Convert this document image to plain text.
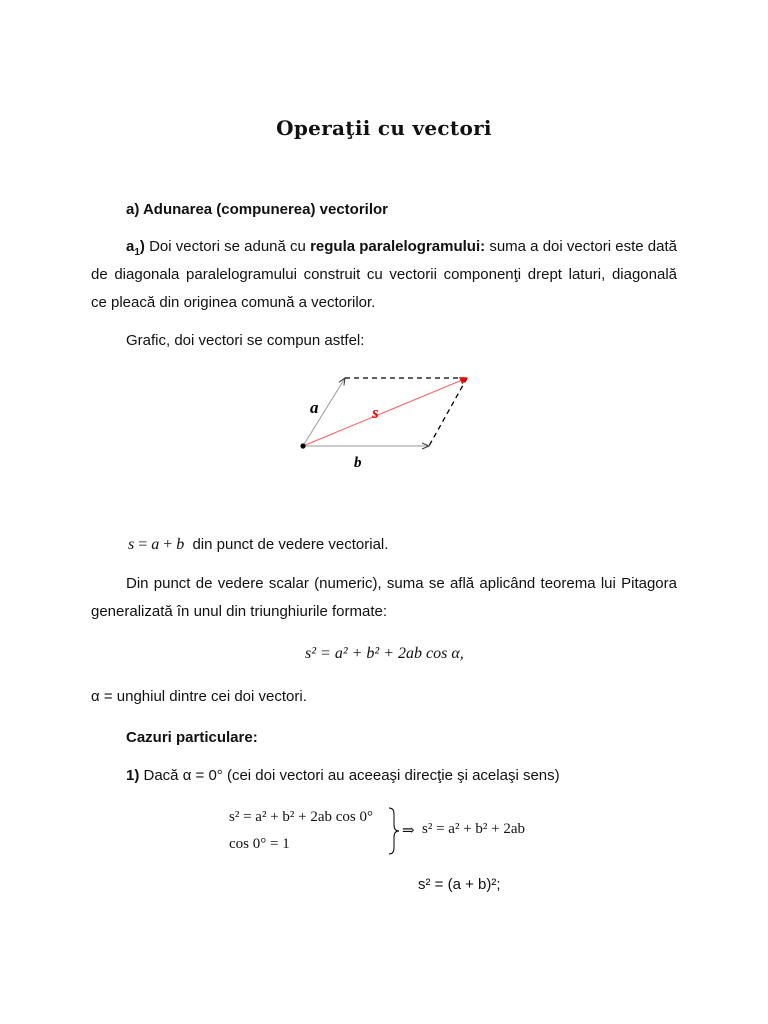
Operaţii cu vectori
a) Adunarea (compunerea) vectorilor
$a_1$) Doi vectori se adună cu regula paralelogramului: suma a doi vectori este dată
de diagonala paralelogramului construit cu vectorii componenţi drept laturi, diagonală
ce pleacă din originea comună a vectorilor.
Grafic, doi vectori se compun astfel:
a	s
b
s = a + b din punct de vedere vectorial.
Din punct de vedere scalar (numeric), suma se află aplicând teorema lui Pitagora
generalizată în unul din triunghiurile formate:
s² = a² + b² + 2ab cos α,
α = unghiul dintre cei doi vectori.
Cazuri particulare:
1) Dacă α = 0° (cei doi vectori au aceeaşi direcţie şi acelaşi sens)
s² = a² + b² + 2ab cos 0°
cos 0° = 1
⇒ s² = a² + b² + 2ab
s² = (a + b)²;
